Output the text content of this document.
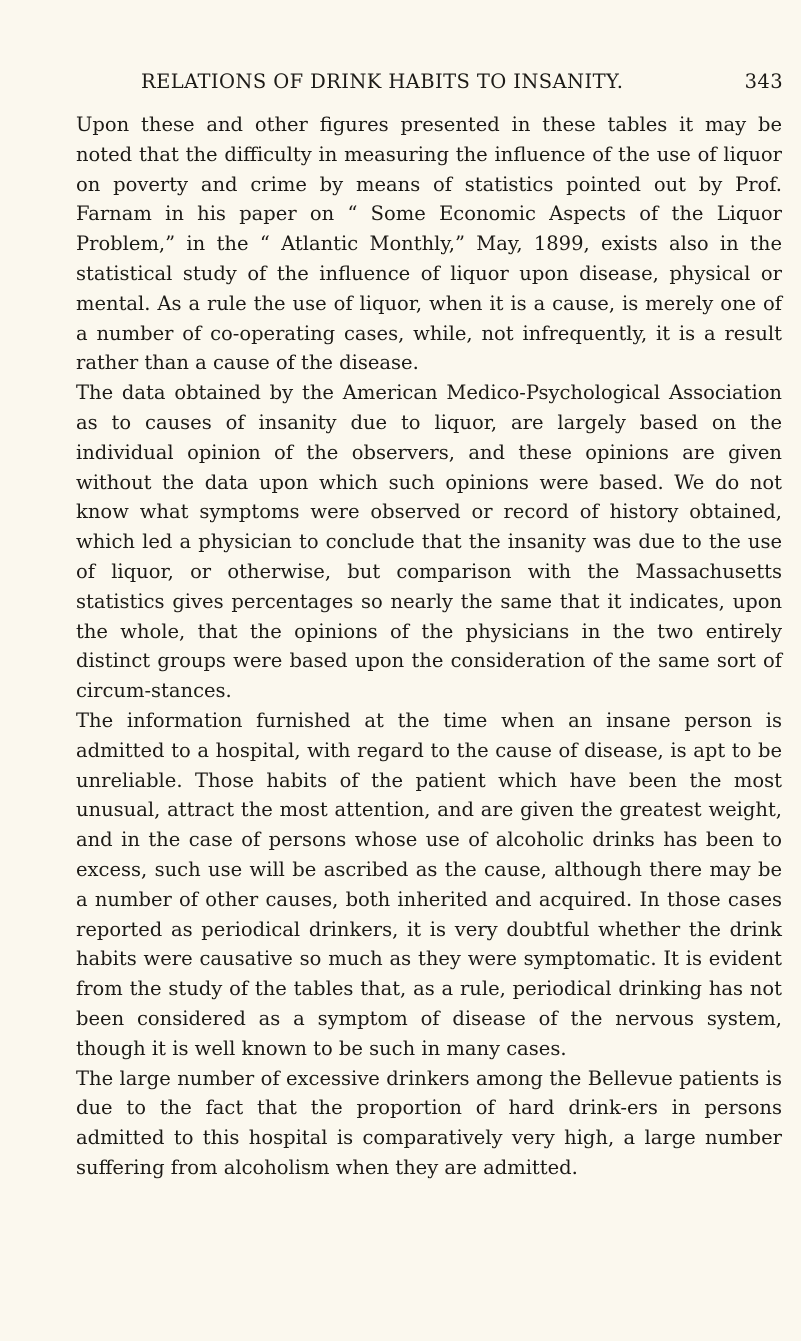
RELATIONS OF DRINK HABITS TO INSANITY.	343

Upon these and other figures presented in these tables it may be noted that the difficulty in measuring the influence of the use of liquor on poverty and crime by means of statistics pointed out by Prof. Farnam in his paper on “ Some Economic Aspects of the Liquor Problem,” in the “ Atlantic Monthly,” May, 1899, exists also in the statistical study of the influence of liquor upon disease, physical or mental. As a rule the use of liquor, when it is a cause, is merely one of a number of co-operating cases, while, not infrequently, it is a result rather than a cause of the disease.

The data obtained by the American Medico-Psychological Association as to causes of insanity due to liquor, are largely based on the individual opinion of the observers, and these opinions are given without the data upon which such opinions were based. We do not know what symptoms were observed or record of history obtained, which led a physician to conclude that the insanity was due to the use of liquor, or otherwise, but comparison with the Massachusetts statistics gives percentages so nearly the same that it indicates, upon the whole, that the opinions of the physicians in the two entirely distinct groups were based upon the consideration of the same sort of circum-stances.

The information furnished at the time when an insane person is admitted to a hospital, with regard to the cause of disease, is apt to be unreliable. Those habits of the patient which have been the most unusual, attract the most attention, and are given the greatest weight, and in the case of persons whose use of alcoholic drinks has been to excess, such use will be ascribed as the cause, although there may be a number of other causes, both inherited and acquired. In those cases reported as periodical drinkers, it is very doubtful whether the drink habits were causative so much as they were symptomatic. It is evident from the study of the tables that, as a rule, periodical drinking has not been considered as a symptom of disease of the nervous system, though it is well known to be such in many cases.

The large number of excessive drinkers among the Bellevue patients is due to the fact that the proportion of hard drink-ers in persons admitted to this hospital is comparatively very high, a large number suffering from alcoholism when they are admitted.
